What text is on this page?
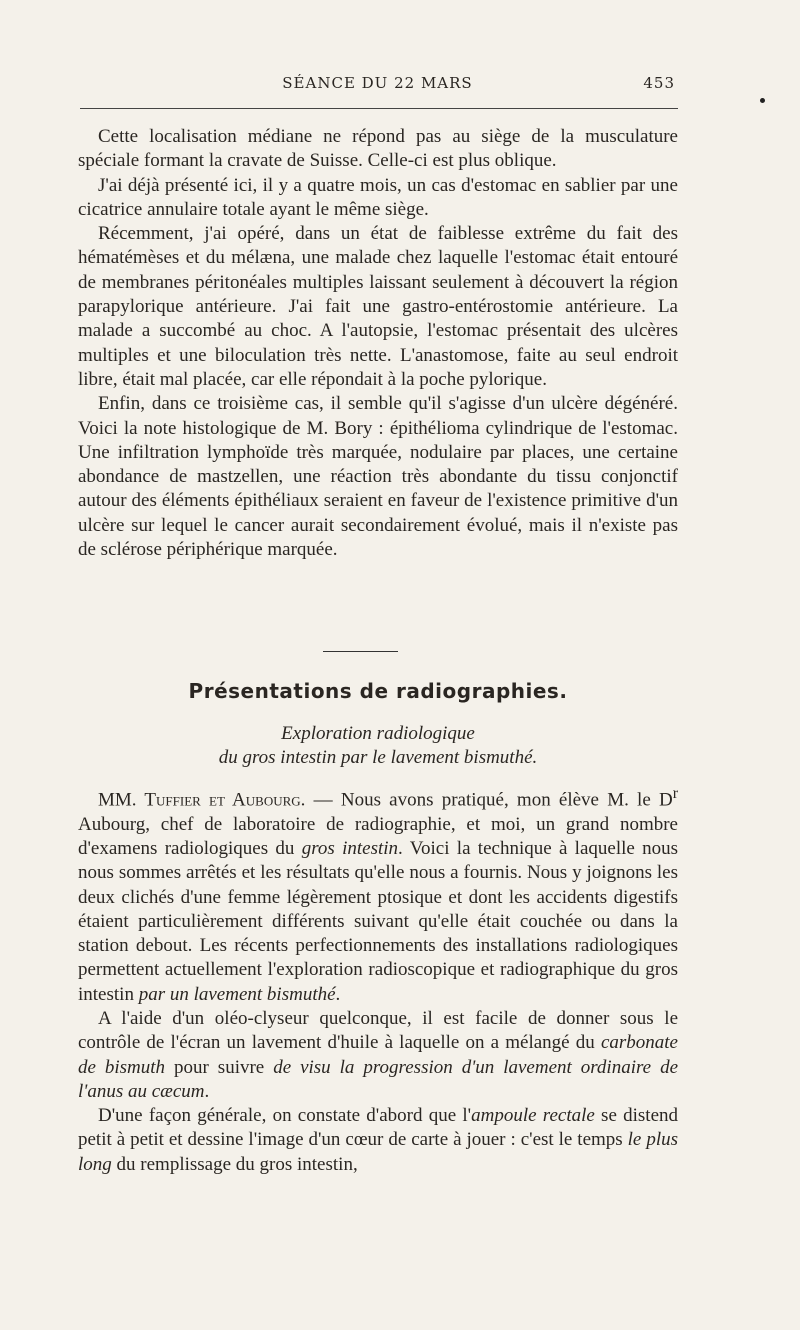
SÉANCE DU 22 MARS	453

Cette localisation médiane ne répond pas au siège de la musculature spéciale formant la cravate de Suisse. Celle-ci est plus oblique.

J'ai déjà présenté ici, il y a quatre mois, un cas d'estomac en sablier par une cicatrice annulaire totale ayant le même siège.

Récemment, j'ai opéré, dans un état de faiblesse extrême du fait des hématémèses et du mélæna, une malade chez laquelle l'estomac était entouré de membranes péritonéales multiples laissant seulement à découvert la région parapylorique antérieure. J'ai fait une gastro-entérostomie antérieure. La malade a succombé au choc. A l'autopsie, l'estomac présentait des ulcères multiples et une biloculation très nette. L'anastomose, faite au seul endroit libre, était mal placée, car elle répondait à la poche pylorique.

Enfin, dans ce troisième cas, il semble qu'il s'agisse d'un ulcère dégénéré. Voici la note histologique de M. Bory : épithélioma cylindrique de l'estomac. Une infiltration lymphoïde très marquée, nodulaire par places, une certaine abondance de mastzellen, une réaction très abondante du tissu conjonctif autour des éléments épithéliaux seraient en faveur de l'existence primitive d'un ulcère sur lequel le cancer aurait secondairement évolué, mais il n'existe pas de sclérose périphérique marquée.

Présentations de radiographies.
Exploration radiologique
du gros intestin par le lavement bismuthé.

MM. Tuffier et Aubourg. — Nous avons pratiqué, mon élève M. le $D^r$ Aubourg, chef de laboratoire de radiographie, et moi, un grand nombre d'examens radiologiques du gros intestin. Voici la technique à laquelle nous nous sommes arrêtés et les résultats qu'elle nous a fournis. Nous y joignons les deux clichés d'une femme légèrement ptosique et dont les accidents digestifs étaient particulièrement différents suivant qu'elle était couchée ou dans la station debout. Les récents perfectionnements des installations radiologiques permettent actuellement l'exploration radioscopique et radiographique du gros intestin par un lavement bismuthé.

A l'aide d'un oléo-clyseur quelconque, il est facile de donner sous le contrôle de l'écran un lavement d'huile à laquelle on a mélangé du carbonate de bismuth pour suivre de visu la progression d'un lavement ordinaire de l'anus au cæcum.

D'une façon générale, on constate d'abord que l'ampoule rectale se distend petit à petit et dessine l'image d'un cœur de carte à jouer : c'est le temps le plus long du remplissage du gros intestin,
